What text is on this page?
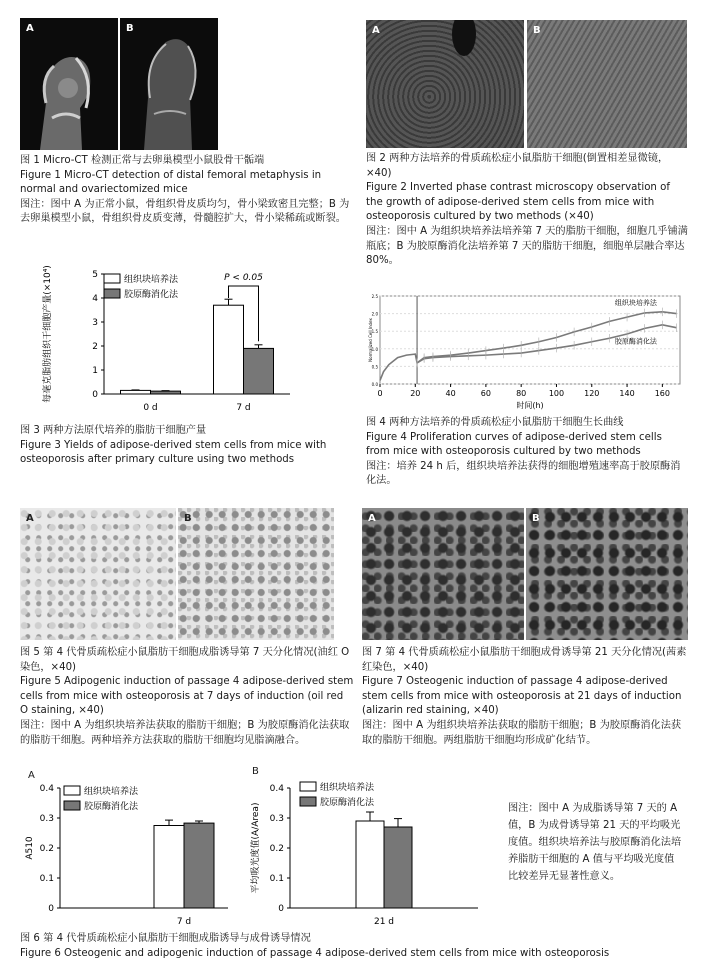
A	B
图 1 Micro-CT 检测正常与去卵巢模型小鼠股骨干骺端
Figure 1 Micro-CT detection of distal femoral metaphysis in normal and ovariectomized mice
图注：图中 A 为正常小鼠，骨组织骨皮质均匀，骨小梁致密且完整；B 为去卵巢模型小鼠，骨组织骨皮质变薄，骨髓腔扩大，骨小梁稀疏或断裂。
A	B
图 2 两种方法培养的骨质疏松症小鼠脂肪干细胞(倒置相差显微镜，×40)
Figure 2 Inverted phase contrast microscopy observation of the growth of adipose-derived stem cells from mice with osteoporosis cultured by two methods (×40)
图注：图中 A 为组织块培养法培养第 7 天的脂肪干细胞，细胞几乎铺满瓶底；B 为胶原酶消化法培养第 7 天的脂肪干细胞，细胞单层融合率达 80%。
0
1
2
3
4
5
0 d	7 d
每毫克脂肪组织干细胞产量(×10⁴)	组织块培养法
胶原酶消化法
P < 0.05
图 3 两种方法原代培养的脂肪干细胞产量
Figure 3 Yields of adipose-derived stem cells from mice with osteoporosis after primary culture using two methods
0.0
0.5
1.0
1.5
2.0
2.5
0	20	40	60	80	100	120	140	160
时间(h)
Normalized Cell Index
组织块培养法
胶原酶消化法
图 4 两种方法培养的骨质疏松症小鼠脂肪干细胞生长曲线
Figure 4 Proliferation curves of adipose-derived stem cells from mice with osteoporosis cultured by two methods
图注：培养 24 h 后，组织块培养法获得的细胞增殖速率高于胶原酶消化法。
A	B
图 5 第 4 代骨质疏松症小鼠脂肪干细胞成脂诱导第 7 天分化情况(油红 O 染色，×40)
Figure 5 Adipogenic induction of passage 4 adipose-derived stem cells from mice with osteoporosis at 7 days of induction (oil red O staining, ×40)
图注：图中 A 为组织块培养法获取的脂肪干细胞；B 为胶原酶消化法获取的脂肪干细胞。两种培养方法获取的脂肪干细胞均见脂滴融合。
A	B
图 7 第 4 代骨质疏松症小鼠脂肪干细胞成骨诱导第 21 天分化情况(茜素红染色，×40)
Figure 7 Osteogenic induction of passage 4 adipose-derived stem cells from mice with osteoporosis at 21 days of induction (alizarin red staining, ×40)
图注：图中 A 为组织块培养法获取的脂肪干细胞；B 为胶原酶消化法获取的脂肪干细胞。两组脂肪干细胞均形成矿化结节。
A
0
0.1
0.2
0.3
0.4
7 d
A510
组织块培养法
胶原酶消化法
B
0
0.1
0.2
0.3
0.4
21 d
平均吸光度值(A/Area)
组织块培养法
胶原酶消化法	图注：图中 A 为成脂诱导第 7 天的 A 值，B 为成骨诱导第 21 天的平均吸光度值。组织块培养法与胶原酶消化法培养脂肪干细胞的 A 值与平均吸光度值比较差异无显著性意义。
图 6 第 4 代骨质疏松症小鼠脂肪干细胞成脂诱导与成骨诱导情况
Figure 6 Osteogenic and adipogenic induction of passage 4 adipose-derived stem cells from mice with osteoporosis
